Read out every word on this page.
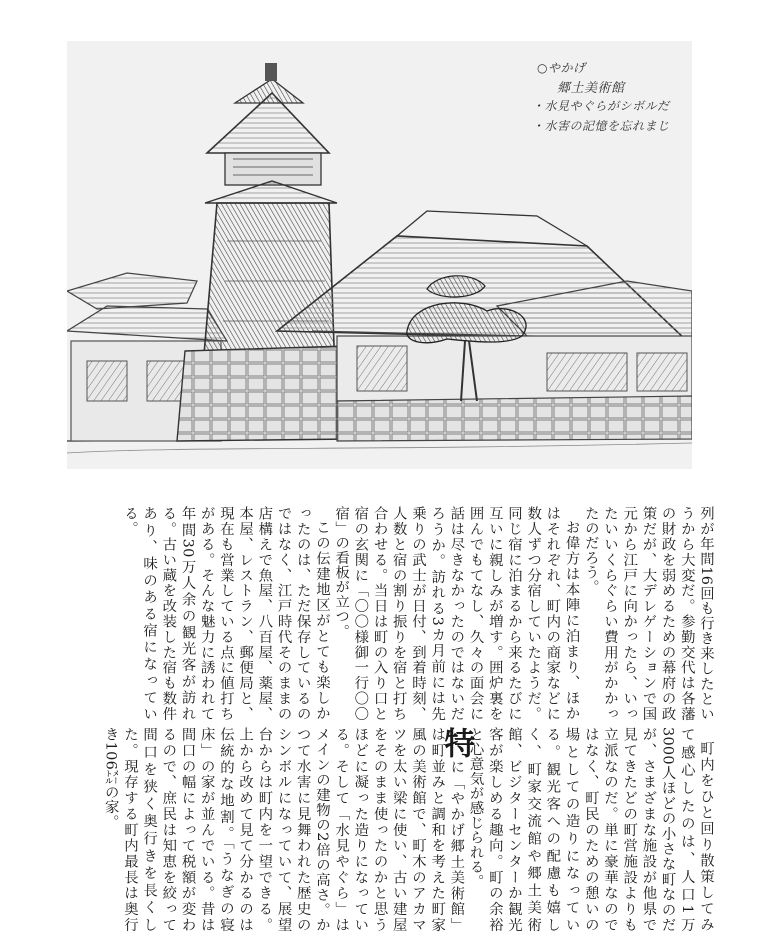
○やかげ
郷土美術館
・水見やぐらがシボルだ
・水害の記憶を忘れまじ

列が年間16回も行き来したというから大変だ。参勤交代は各藩の財政を弱めるための幕府の政策だが、大デレゲーションで国元から江戸に向かったら、いったいいくらぐらい費用がかかったのだろう。

お偉方は本陣に泊まり、ほかはそれぞれ、町内の商家などに数人ずつ分宿していたようだ。同じ宿に泊まるから来るたびに互いに親しみが増す。囲炉裏を囲んでもてなし、久々の面会に話は尽きなかったのではないだろうか。訪れる3カ月前には先乗りの武士が日付、到着時刻、人数と宿の割り振りを宿と打ち合わせる。当日は町の入り口と宿の玄関に「〇〇様御一行〇〇宿」の看板が立つ。

この伝建地区がとても楽しかったのは、ただ保存しているのではなく、江戸時代そのままの店構えで魚屋、八百屋、薬屋、本屋、レストラン、郵便局と、現在も営業している点に値打ちがある。そんな魅力に誘われて年間30万人余の観光客が訪れる。古い蔵を改装した宿も数件あり、味のある宿になっている。

町内をひと回り散策してみて感心したのは、人口1万3000人ほどの小さな町なのだが、さまざまな施設が他県で見てきたどの町営施設よりも立派なのだ。単に豪華なのではなく、町民のための憩いの場としての造りになっている。観光客への配慮も嬉しく、町家交流館や郷土美術館、ビジターセンターか観光客が楽しめる趣向。町の余裕と心意気が感じられる。

特に「やかげ郷土美術館」は町並みと調和を考えた町家風の美術館で、町木のアカマツを太い梁に使い、古い建屋をそのまま使ったのかと思うほどに凝った造りになっている。そして「水見やぐら」はメインの建物の2倍の高さ。かつて水害に見舞われた歴史のシンボルになっていて、展望台からは町内を一望できる。上から改めて見て分かるのは伝統的な地割。「うなぎの寝床」の家が並んでいる。昔は間口の幅によって税額が変わるので、庶民は知恵を絞って間口を狭く奥行きを長くした。現存する町内最長は奥行き106㍍の家。
